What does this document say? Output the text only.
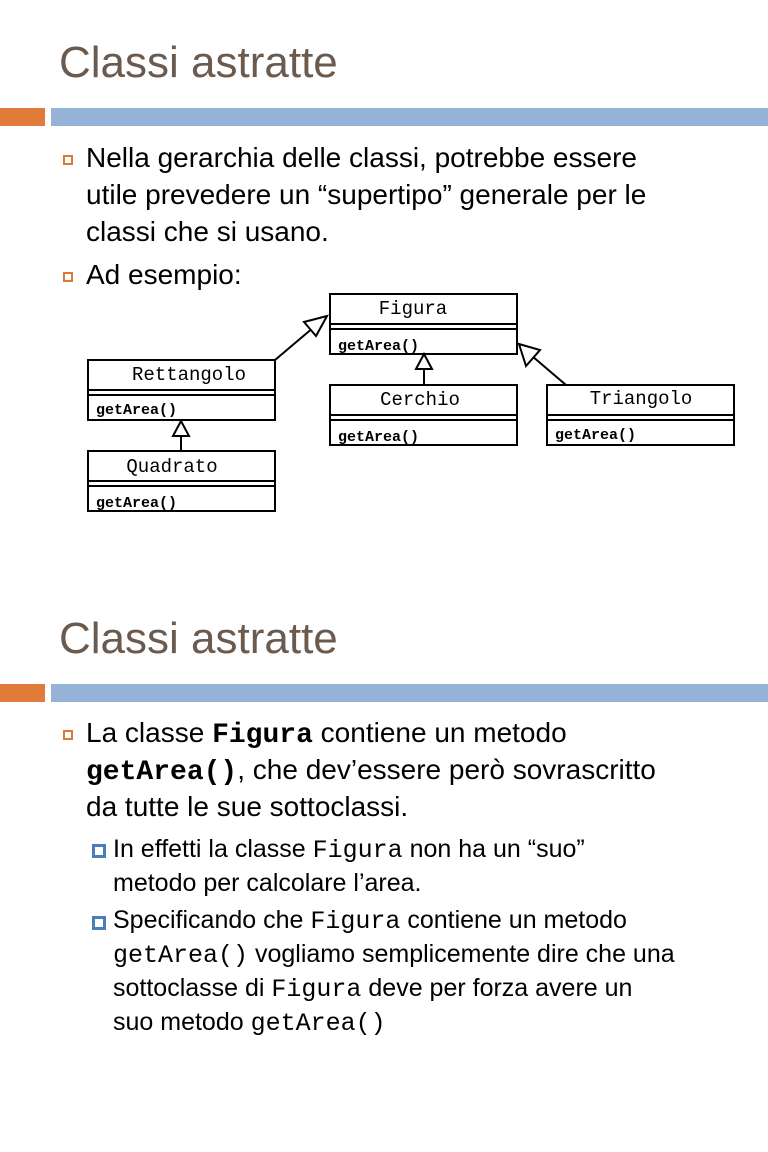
Classi astratte
Nella gerarchia delle classi, potrebbe essere
utile prevedere un “supertipo” generale per le
classi che si usano.
Ad esempio:
Figura
getArea()
Rettangolo
getArea()
Quadrato
getArea()
Cerchio
getArea()
Triangolo
getArea()
Classi astratte
La classe Figura contiene un metodo
getArea(), che dev’essere però sovrascritto
da tutte le sue sottoclassi.
In effetti la classe Figura non ha un “suo”
metodo per calcolare l’area.
Specificando che Figura contiene un metodo
getArea() vogliamo semplicemente dire che una
sottoclasse di Figura deve per forza avere un
suo metodo getArea()
